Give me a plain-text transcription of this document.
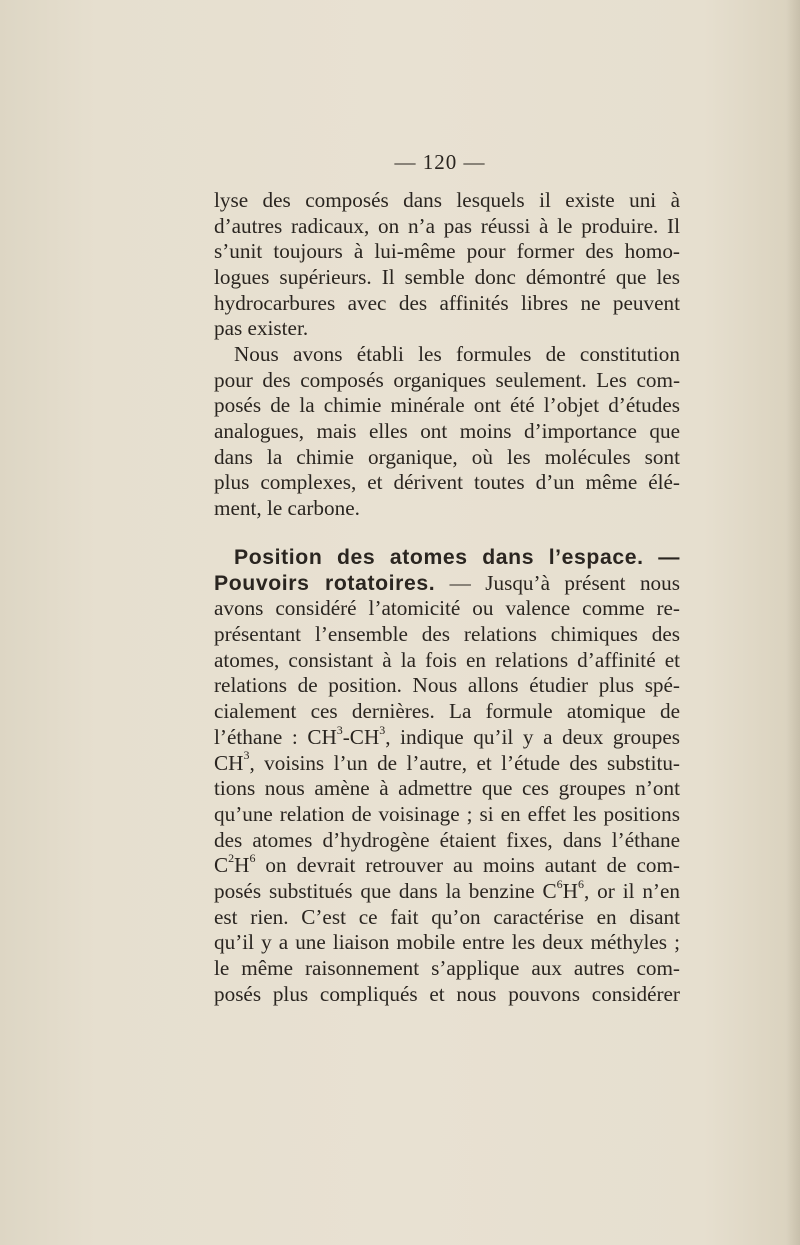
— 120 —
lyse des composés dans lesquels il existe uni à
d’autres radicaux, on n’a pas réussi à le produire. Il
s’unit toujours à lui-même pour former des homo-
logues supérieurs. Il semble donc démontré que les
hydrocarbures avec des affinités libres ne peuvent
pas exister.
Nous avons établi les formules de constitution
pour des composés organiques seulement. Les com-
posés de la chimie minérale ont été l’objet d’études
analogues, mais elles ont moins d’importance que
dans la chimie organique, où les molécules sont
plus complexes, et dérivent toutes d’un même élé-
ment, le carbone.
Position des atomes dans l’espace. —
Pouvoirs rotatoires. — Jusqu’à présent nous
avons considéré l’atomicité ou valence comme re-
présentant l’ensemble des relations chimiques des
atomes, consistant à la fois en relations d’affinité et
relations de position. Nous allons étudier plus spé-
cialement ces dernières. La formule atomique de
l’éthane : $CH^3-CH^3$, indique qu’il y a deux groupes
$CH^3$, voisins l’un de l’autre, et l’étude des substitu-
tions nous amène à admettre que ces groupes n’ont
qu’une relation de voisinage ; si en effet les positions
des atomes d’hydrogène étaient fixes, dans l’éthane
$C^2H^6$ on devrait retrouver au moins autant de com-
posés substitués que dans la benzine $C^6H^6$, or il n’en
est rien. C’est ce fait qu’on caractérise en disant
qu’il y a une liaison mobile entre les deux méthyles ;
le même raisonnement s’applique aux autres com-
posés plus compliqués et nous pouvons considérer
